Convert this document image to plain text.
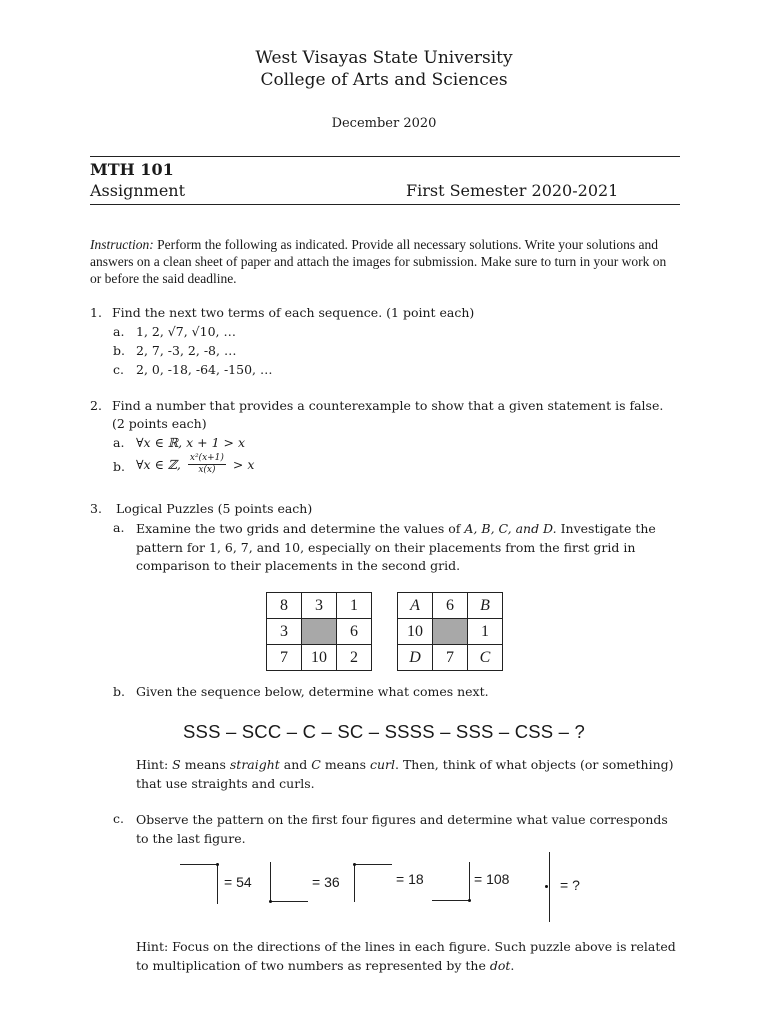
West Visayas State University
College of Arts and Sciences
December 2020
MTH 101
Assignment	First Semester 2020-2021
Instruction: Perform the following as indicated. Provide all necessary solutions. Write your solutions and answers on a clean sheet of paper and attach the images for submission. Make sure to turn in your work on or before the said deadline.
1. Find the next two terms of each sequence. (1 point each)
a. 1, 2, √7, √10, …
b. 2, 7, -3, 2, -8, …
c. 2, 0, -18, -64, -150, …
2. Find a number that provides a counterexample to show that a given statement is false.
(2 points each)
a. ∀x ∈ ℝ, x + 1 > x
b. ∀x ∈ ℤ, $\frac{\text{x²(x+1)}}{x(x)} > x$
3. Logical Puzzles (5 points each)
a. Examine the two grids and determine the values of A, B, C, and D. Investigate the pattern for 1, 6, 7, and 10, especially on their placements from the first grid in comparison to their placements in the second grid.
8	3	1
3		6
7	10	2
A	6	B
10		1
D	7	C
b. Given the sequence below, determine what comes next.
SSS – SCC – C – SC – SSSS – SSS – CSS – ?
Hint: S means straight and C means curl. Then, think of what objects (or something) that use straights and curls.
c. Observe the pattern on the first four figures and determine what value corresponds to the last figure.
= 54	= 36	= 18	= 108	= ?
Hint: Focus on the directions of the lines in each figure. Such puzzle above is related to multiplication of two numbers as represented by the dot.
